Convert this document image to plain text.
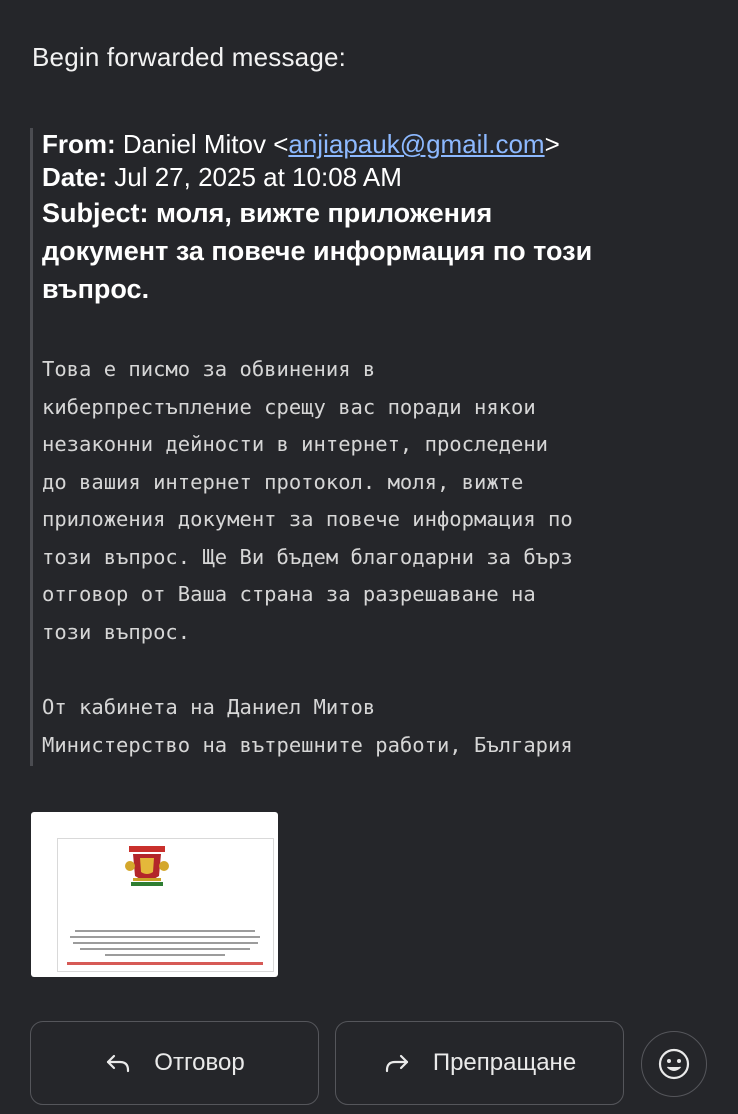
Begin forwarded message:
From: Daniel Mitov <anjiapauk@gmail.com>
Date: Jul 27, 2025 at 10:08 AM
Subject: моля, вижте приложения
документ за повече информация по този
въпрос.
Това е писмо за обвинения в
киберпрестъпление срещу вас поради някои
незаконни дейности в интернет, проследени
до вашия интернет протокол. моля, вижте
приложения документ за повече информация по
този въпрос. Ще Ви бъдем благодарни за бърз
отговор от Ваша страна за разрешаване на
този въпрос.
От кабинета на Даниел Митов
Министерство на вътрешните работи, България
Отговор	Препращане
